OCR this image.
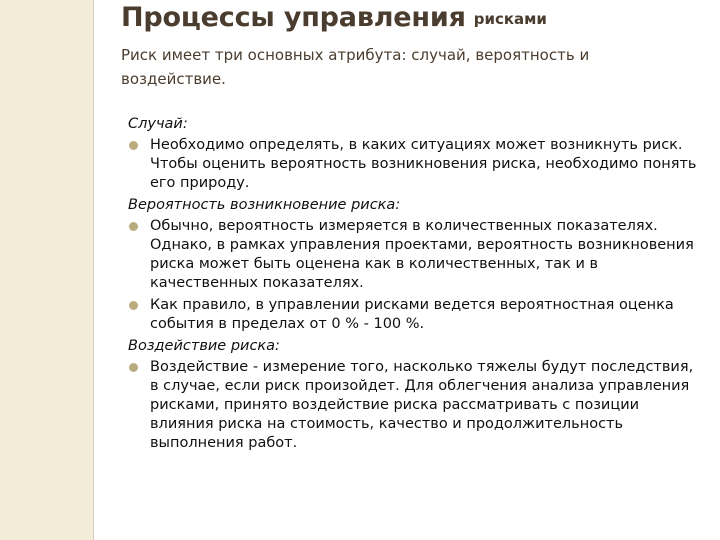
Процессы управления рисками
Риск имеет три основных атрибута: случай, вероятность и воздействие.
Случай:
Необходимо определять, в каких ситуациях может возникнуть риск. Чтобы оценить вероятность возникновения риска, необходимо понять его природу.
Вероятность возникновение риска:
Обычно, вероятность измеряется в количественных показателях. Однако, в рамках управления проектами, вероятность возникновения риска может быть оценена как в количественных, так и в качественных показателях.
Как правило, в управлении рисками ведется вероятностная оценка события в пределах от 0 % - 100 %.
Воздействие риска:
Воздействие - измерение того, насколько тяжелы будут последствия, в случае, если риск произойдет. Для облегчения анализа управления рисками, принято воздействие риска рассматривать с позиции влияния риска на стоимость, качество и продолжительность выполнения работ.
